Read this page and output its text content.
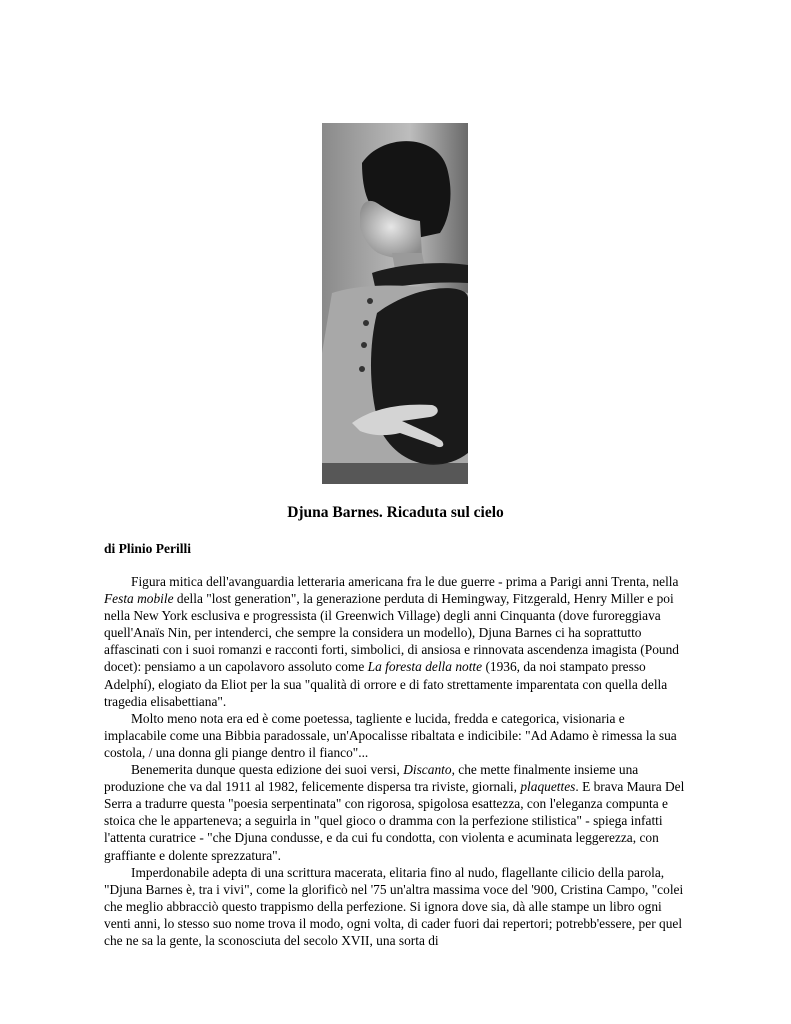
Djuna Barnes. Ricaduta sul cielo

di Plinio Perilli

Figura mitica dell'avanguardia letteraria americana fra le due guerre - prima a Parigi anni Trenta, nella Festa mobile della "lost generation", la generazione perduta di Hemingway, Fitzgerald, Henry Miller e poi nella New York esclusiva e progressista (il Greenwich Village) degli anni Cinquanta (dove furoreggiava quell'Anaïs Nin, per intenderci, che sempre la considera un modello), Djuna Barnes ci ha soprattutto affascinati con i suoi romanzi e racconti forti, simbolici, di ansiosa e rinnovata ascendenza imagista (Pound docet): pensiamo a un capolavoro assoluto come La foresta della notte (1936, da noi stampato presso Adelphí), elogiato da Eliot per la sua "qualità di orrore e di fato strettamente imparentata con quella della tragedia elisabettiana".

Molto meno nota era ed è come poetessa, tagliente e lucida, fredda e categorica, visionaria e implacabile come una Bibbia paradossale, un'Apocalisse ribaltata e indicibile: "Ad Adamo è rimessa la sua costola, / una donna gli piange dentro il fianco"...

Benemerita dunque questa edizione dei suoi versi, Discanto, che mette finalmente insieme una produzione che va dal 1911 al 1982, felicemente dispersa tra riviste, giornali, plaquettes. E brava Maura Del Serra a tradurre questa "poesia serpentinata" con rigorosa, spigolosa esattezza, con l'eleganza compunta e stoica che le apparteneva; a seguirla in "quel gioco o dramma con la perfezione stilistica" - spiega infatti l'attenta curatrice - "che Djuna condusse, e da cui fu condotta, con violenta e acuminata leggerezza, con graffiante e dolente sprezzatura".

Imperdonabile adepta di una scrittura macerata, elitaria fino al nudo, flagellante cilicio della parola, "Djuna Barnes è, tra i vivi", come la glorificò nel '75 un'altra massima voce del '900, Cristina Campo, "colei che meglio abbracciò questo trappismo della perfezione. Si ignora dove sia, dà alle stampe un libro ogni venti anni, lo stesso suo nome trova il modo, ogni volta, di cader fuori dai repertori; potrebb'essere, per quel che ne sa la gente, la sconosciuta del secolo XVII, una sorta di
